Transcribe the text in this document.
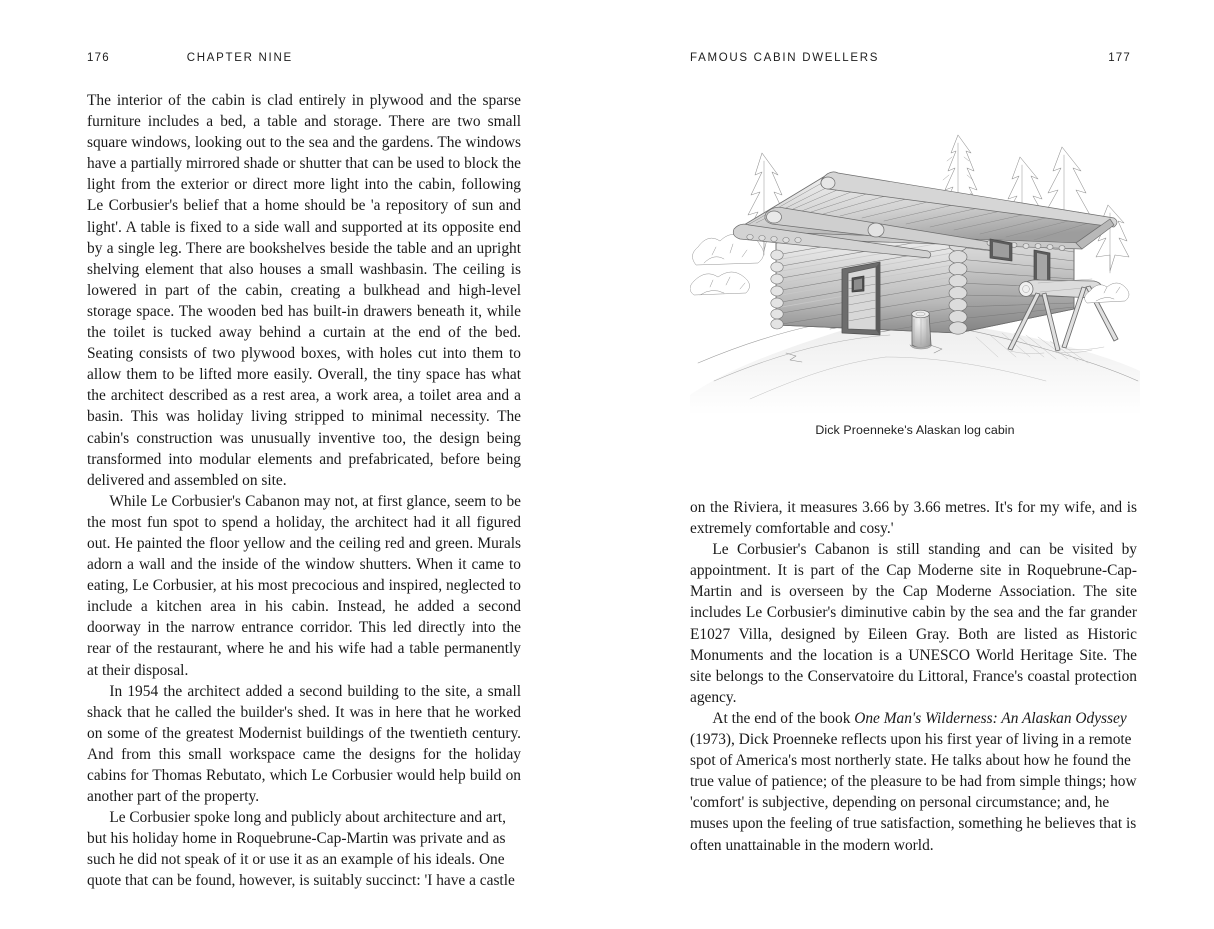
176	CHAPTER NINE

The interior of the cabin is clad entirely in plywood and the sparse furniture includes a bed, a table and storage. There are two small square windows, looking out to the sea and the gardens. The windows have a partially mirrored shade or shutter that can be used to block the light from the exterior or direct more light into the cabin, following Le Corbusier's belief that a home should be 'a repository of sun and light'. A table is fixed to a side wall and supported at its opposite end by a single leg. There are bookshelves beside the table and an upright shelving element that also houses a small washbasin. The ceiling is lowered in part of the cabin, creating a bulkhead and high-level storage space. The wooden bed has built-in drawers beneath it, while the toilet is tucked away behind a curtain at the end of the bed. Seating consists of two plywood boxes, with holes cut into them to allow them to be lifted more easily. Overall, the tiny space has what the architect described as a rest area, a work area, a toilet area and a basin. This was holiday living stripped to minimal necessity. The cabin's construction was unusually inventive too, the design being transformed into modular elements and prefabricated, before being delivered and assembled on site.

While Le Corbusier's Cabanon may not, at first glance, seem to be the most fun spot to spend a holiday, the architect had it all figured out. He painted the floor yellow and the ceiling red and green. Murals adorn a wall and the inside of the window shutters. When it came to eating, Le Corbusier, at his most precocious and inspired, neglected to include a kitchen area in his cabin. Instead, he added a second doorway in the narrow entrance corridor. This led directly into the rear of the restaurant, where he and his wife had a table permanently at their disposal.

In 1954 the architect added a second building to the site, a small shack that he called the builder's shed. It was in here that he worked on some of the greatest Modernist buildings of the twentieth century. And from this small workspace came the designs for the holiday cabins for Thomas Rebutato, which Le Corbusier would help build on another part of the property.

Le Corbusier spoke long and publicly about architecture and art, but his holiday home in Roquebrune-Cap-Martin was private and as such he did not speak of it or use it as an example of his ideals. One quote that can be found, however, is suitably succinct: 'I have a castle

FAMOUS CABIN DWELLERS	177
Dick Proenneke's Alaskan log cabin

on the Riviera, it measures 3.66 by 3.66 metres. It's for my wife, and is extremely comfortable and cosy.'

Le Corbusier's Cabanon is still standing and can be visited by appointment. It is part of the Cap Moderne site in Roquebrune-Cap-Martin and is overseen by the Cap Moderne Association. The site includes Le Corbusier's diminutive cabin by the sea and the far grander E1027 Villa, designed by Eileen Gray. Both are listed as Historic Monuments and the location is a UNESCO World Heritage Site. The site belongs to the Conservatoire du Littoral, France's coastal protection agency.

At the end of the book One Man's Wilderness: An Alaskan Odyssey (1973), Dick Proenneke reflects upon his first year of living in a remote spot of America's most northerly state. He talks about how he found the true value of patience; of the pleasure to be had from simple things; how 'comfort' is subjective, depending on personal circumstance; and, he muses upon the feeling of true satisfaction, something he believes that is often unattainable in the modern world.
